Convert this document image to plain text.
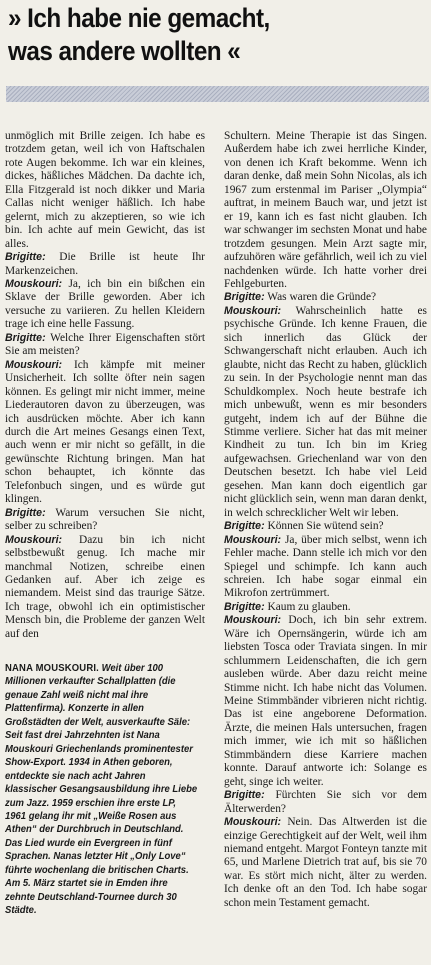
» Ich habe nie gemacht,
was andere wollten «

unmöglich mit Brille zeigen. Ich habe es trotzdem getan, weil ich von Haftschalen rote Augen bekomme. Ich war ein kleines, dickes, häßliches Mädchen. Da dachte ich, Ella Fitzgerald ist noch dikker und Maria Callas nicht weniger häßlich. Ich habe gelernt, mich zu akzeptieren, so wie ich bin. Ich achte auf mein Gewicht, das ist alles.

Brigitte: Die Brille ist heute Ihr Markenzeichen.

Mouskouri: Ja, ich bin ein bißchen ein Sklave der Brille geworden. Aber ich versuche zu variieren. Zu hellen Kleidern trage ich eine helle Fassung.

Brigitte: Welche Ihrer Eigenschaften stört Sie am meisten?

Mouskouri: Ich kämpfe mit meiner Unsicherheit. Ich sollte öfter nein sagen können. Es gelingt mir nicht immer, meine Liederautoren davon zu überzeugen, was ich ausdrücken möchte. Aber ich kann durch die Art meines Gesangs einen Text, auch wenn er mir nicht so gefällt, in die gewünschte Richtung bringen. Man hat schon behauptet, ich könnte das Telefonbuch singen, und es würde gut klingen.

Brigitte: Warum versuchen Sie nicht, selber zu schreiben?

Mouskouri: Dazu bin ich nicht selbstbewußt genug. Ich mache mir manchmal Notizen, schreibe einen Gedanken auf. Aber ich zeige es niemandem. Meist sind das traurige Sätze. Ich trage, obwohl ich ein optimistischer Mensch bin, die Probleme der ganzen Welt auf den

NANA MOUSKOURI. Weit über 100 Millionen verkaufter Schallplatten (die genaue Zahl weiß nicht mal ihre Plattenfirma). Konzerte in allen Großstädten der Welt, ausverkaufte Säle: Seit fast drei Jahrzehnten ist Nana Mouskouri Griechenlands prominentester Show-Export. 1934 in Athen geboren, entdeckte sie nach acht Jahren klassischer Gesangsausbildung ihre Liebe zum Jazz. 1959 erschien ihre erste LP, 1961 gelang ihr mit „Weiße Rosen aus Athen“ der Durchbruch in Deutschland. Das Lied wurde ein Evergreen in fünf Sprachen. Nanas letzter Hit „Only Love“ führte wochenlang die britischen Charts. Am 5. März startet sie in Emden ihre zehnte Deutschland-Tournee durch 30 Städte.

Schultern. Meine Therapie ist das Singen. Außerdem habe ich zwei herrliche Kinder, von denen ich Kraft bekomme. Wenn ich daran denke, daß mein Sohn Nicolas, als ich 1967 zum erstenmal im Pariser „Olympia“ auftrat, in meinem Bauch war, und jetzt ist er 19, kann ich es fast nicht glauben. Ich war schwanger im sechsten Monat und habe trotzdem gesungen. Mein Arzt sagte mir, aufzuhören wäre gefährlich, weil ich zu viel nachdenken würde. Ich hatte vorher drei Fehlgeburten.

Brigitte: Was waren die Gründe?

Mouskouri: Wahrscheinlich hatte es psychische Gründe. Ich kenne Frauen, die sich innerlich das Glück der Schwangerschaft nicht erlauben. Auch ich glaubte, nicht das Recht zu haben, glücklich zu sein. In der Psychologie nennt man das Schuldkomplex. Noch heute bestrafe ich mich unbewußt, wenn es mir besonders gutgeht, indem ich auf der Bühne die Stimme verliere. Sicher hat das mit meiner Kindheit zu tun. Ich bin im Krieg aufgewachsen. Griechenland war von den Deutschen besetzt. Ich habe viel Leid gesehen. Man kann doch eigentlich gar nicht glücklich sein, wenn man daran denkt, in welch schrecklicher Welt wir leben.

Brigitte: Können Sie wütend sein?

Mouskouri: Ja, über mich selbst, wenn ich Fehler mache. Dann stelle ich mich vor den Spiegel und schimpfe. Ich kann auch schreien. Ich habe sogar einmal ein Mikrofon zertrümmert.

Brigitte: Kaum zu glauben.

Mouskouri: Doch, ich bin sehr extrem. Wäre ich Opernsängerin, würde ich am liebsten Tosca oder Traviata singen. In mir schlummern Leidenschaften, die ich gern ausleben würde. Aber dazu reicht meine Stimme nicht. Ich habe nicht das Volumen. Meine Stimmbänder vibrieren nicht richtig. Das ist eine angeborene Deformation. Ärzte, die meinen Hals untersuchen, fragen mich immer, wie ich mit so häßlichen Stimmbändern diese Karriere machen konnte. Darauf antworte ich: Solange es geht, singe ich weiter.

Brigitte: Fürchten Sie sich vor dem Älterwerden?

Mouskouri: Nein. Das Altwerden ist die einzige Gerechtigkeit auf der Welt, weil ihm niemand entgeht. Margot Fonteyn tanzte mit 65, und Marlene Dietrich trat auf, bis sie 70 war. Es stört mich nicht, älter zu werden. Ich denke oft an den Tod. Ich habe sogar schon mein Testament gemacht.
